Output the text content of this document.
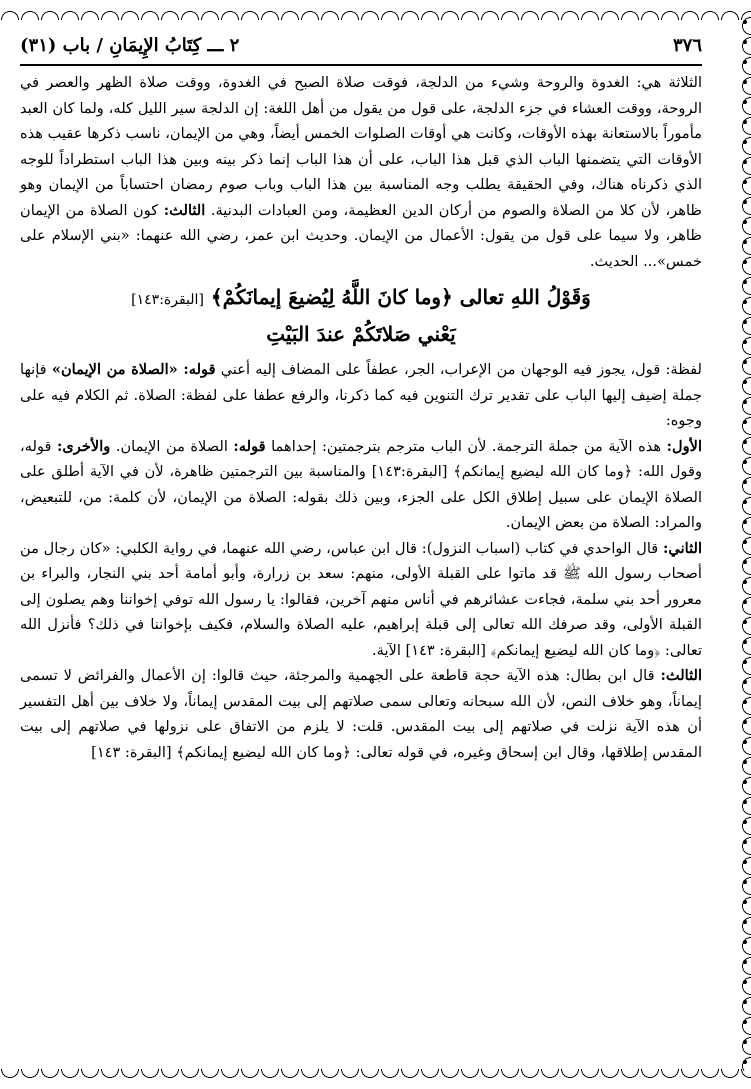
٣٧٦
٢ ـــ كِتَابُ الإِيمَانِ / باب (٣١)

الثلاثة هي: الغدوة والروحة وشيء من الدلجة، فوقت صلاة الصبح في الغدوة، ووقت صلاة الظهر والعصر في الروحة، ووقت العشاء في جزء الدلجة، على قول من يقول من أهل اللغة: إن الدلجة سير الليل كله، ولما كان العبد مأموراً بالاستعانة بهذه الأوقات، وكانت هي أوقات الصلوات الخمس أيضاً، وهي من الإيمان، ناسب ذكرها عقيب هذه الأوقات التي يتضمنها الباب الذي قبل هذا الباب، على أن هذا الباب إنما ذكر بينه وبين هذا الباب استطراداً للوجه الذي ذكرناه هناك، وفي الحقيقة يطلب وجه المناسبة بين هذا الباب وباب صوم رمضان احتساباً من الإيمان وهو ظاهر، لأن كلا من الصلاة والصوم من أركان الدين العظيمة، ومن العبادات البدنية. الثالث: كون الصلاة من الإيمان ظاهر، ولا سيما على قول من يقول: الأعمال من الإيمان. وحديث ابن عمر، رضي الله عنهما: «بني الإسلام على خمس»... الحديث.

وَقَوْلُ اللهِ تعالى ﴿وما كانَ اللَّهُ لِيُضيعَ إيمانَكُمْ﴾ [البقرة:١٤٣]
يَعْني صَلاتَكُمْ عندَ البَيْتِ

لفظة: قول، يجوز فيه الوجهان من الإعراب، الجر، عطفاً على المضاف إليه أعني قوله: «الصلاة من الإيمان» فإنها جملة إضيف إليها الباب على تقدير ترك التنوين فيه كما ذكرنا، والرفع عطفا على لفظة: الصلاة. ثم الكلام فيه على وجوه:

الأول: هذه الآية من جملة الترجمة. لأن الباب مترجم بترجمتين: إحداهما قوله: الصلاة من الإيمان. والأخرى: قوله، وقول الله: ﴿وما كان الله ليضيع إيمانكم﴾ [البقرة:١٤٣] والمناسبة بين الترجمتين ظاهرة، لأن في الآية أطلق على الصلاة الإيمان على سبيل إطلاق الكل على الجزء، وبين ذلك بقوله: الصلاة من الإيمان، لأن كلمة: من، للتبعيض، والمراد: الصلاة من بعض الإيمان.

الثاني: قال الواحدي في كتاب (اسباب النزول): قال ابن عباس، رضي الله عنهما، في رواية الكلبي: «كان رجال من أصحاب رسول الله ﷺ قد ماتوا على القبلة الأولى، منهم: سعد بن زرارة، وأبو أمامة أحد بني النجار، والبراء بن معرور أحد بني سلمة، فجاءت عشائرهم في أناس منهم آخرين، فقالوا: يا رسول الله توفي إخواننا وهم يصلون إلى القبلة الأولى، وقد صرفك الله تعالى إلى قبلة إبراهيم، عليه الصلاة والسلام، فكيف بإخواننا في ذلك؟ فأنزل الله تعالى: ﴿وما كان الله ليضيع إيمانكم﴾ [البقرة: ١٤٣] الآية.

الثالث: قال ابن بطال: هذه الآية حجة قاطعة على الجهمية والمرجئة، حيث قالوا: إن الأعمال والفرائض لا تسمى إيماناً، وهو خلاف النص، لأن الله سبحانه وتعالى سمى صلاتهم إلى بيت المقدس إيماناً، ولا خلاف بين أهل التفسير أن هذه الآية نزلت في صلاتهم إلى بيت المقدس. قلت: لا يلزم من الاتفاق على نزولها في صلاتهم إلى بيت المقدس إطلاقها، وقال ابن إسحاق وغيره، في قوله تعالى: ﴿وما كان الله ليضيع إيمانكم﴾ [البقرة: ١٤٣]
